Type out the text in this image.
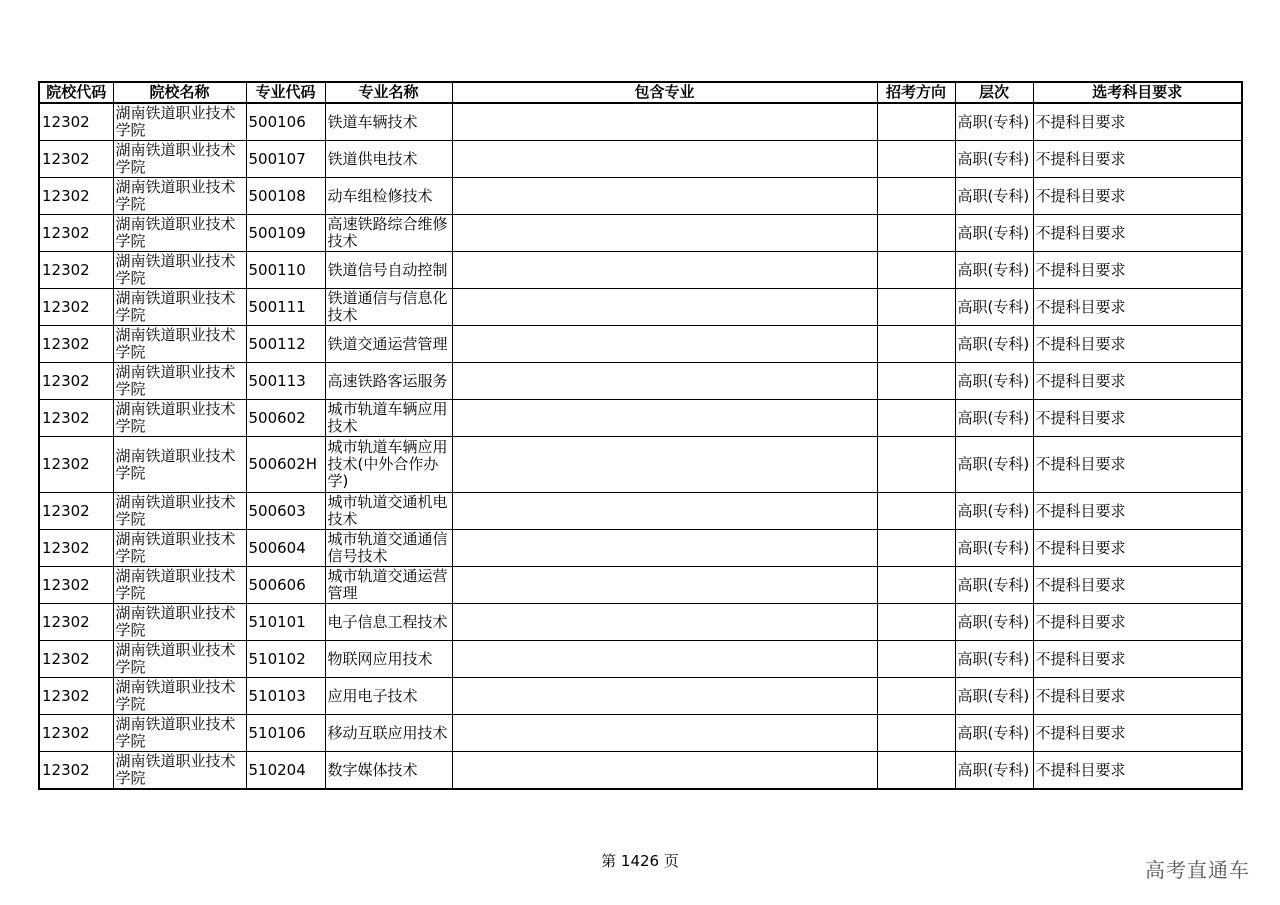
院校代码	院校名称	专业代码	专业名称	包含专业	招考方向	层次	选考科目要求
12302	湖南铁道职业技术学院	500106	铁道车辆技术			高职(专科)	不提科目要求
12302	湖南铁道职业技术学院	500107	铁道供电技术			高职(专科)	不提科目要求
12302	湖南铁道职业技术学院	500108	动车组检修技术			高职(专科)	不提科目要求
12302	湖南铁道职业技术学院	500109	高速铁路综合维修技术			高职(专科)	不提科目要求
12302	湖南铁道职业技术学院	500110	铁道信号自动控制			高职(专科)	不提科目要求
12302	湖南铁道职业技术学院	500111	铁道通信与信息化技术			高职(专科)	不提科目要求
12302	湖南铁道职业技术学院	500112	铁道交通运营管理			高职(专科)	不提科目要求
12302	湖南铁道职业技术学院	500113	高速铁路客运服务			高职(专科)	不提科目要求
12302	湖南铁道职业技术学院	500602	城市轨道车辆应用技术			高职(专科)	不提科目要求
12302	湖南铁道职业技术学院	500602H	城市轨道车辆应用技术(中外合作办学)			高职(专科)	不提科目要求
12302	湖南铁道职业技术学院	500603	城市轨道交通机电技术			高职(专科)	不提科目要求
12302	湖南铁道职业技术学院	500604	城市轨道交通通信信号技术			高职(专科)	不提科目要求
12302	湖南铁道职业技术学院	500606	城市轨道交通运营管理			高职(专科)	不提科目要求
12302	湖南铁道职业技术学院	510101	电子信息工程技术			高职(专科)	不提科目要求
12302	湖南铁道职业技术学院	510102	物联网应用技术			高职(专科)	不提科目要求
12302	湖南铁道职业技术学院	510103	应用电子技术			高职(专科)	不提科目要求
12302	湖南铁道职业技术学院	510106	移动互联应用技术			高职(专科)	不提科目要求
12302	湖南铁道职业技术学院	510204	数字媒体技术			高职(专科)	不提科目要求
第 1426 页	高考直通车
